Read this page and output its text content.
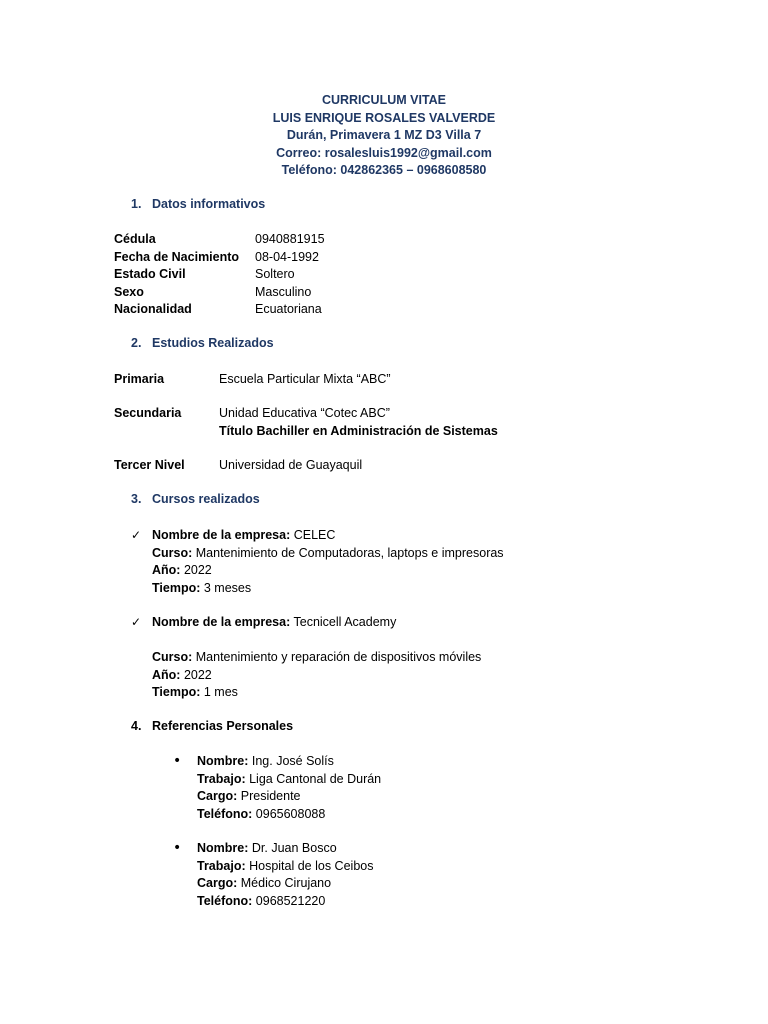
CURRICULUM VITAE
LUIS ENRIQUE ROSALES VALVERDE
Durán, Primavera 1 MZ D3 Villa 7
Correo: rosalesluis1992@gmail.com
Teléfono: 042862365 – 0968608580
1. Datos informativos
Cédula	0940881915
Fecha de Nacimiento	08-04-1992
Estado Civil	Soltero
Sexo	Masculino
Nacionalidad	Ecuatoriana
2. Estudios Realizados
Primaria	Escuela Particular Mixta “ABC”
Secundaria	Unidad Educativa “Cotec ABC”
Título Bachiller en Administración de Sistemas
Tercer Nivel	Universidad de Guayaquil
3. Cursos realizados
✓ Nombre de la empresa: CELEC
Curso: Mantenimiento de Computadoras, laptops e impresoras
Año: 2022
Tiempo: 3 meses
✓ Nombre de la empresa: Tecnicell Academy
Curso: Mantenimiento y reparación de dispositivos móviles
Año: 2022
Tiempo: 1 mes
4. Referencias Personales
• Nombre: Ing. José Solís
Trabajo: Liga Cantonal de Durán
Cargo: Presidente
Teléfono: 0965608088
• Nombre: Dr. Juan Bosco
Trabajo: Hospital de los Ceibos
Cargo: Médico Cirujano
Teléfono: 0968521220
